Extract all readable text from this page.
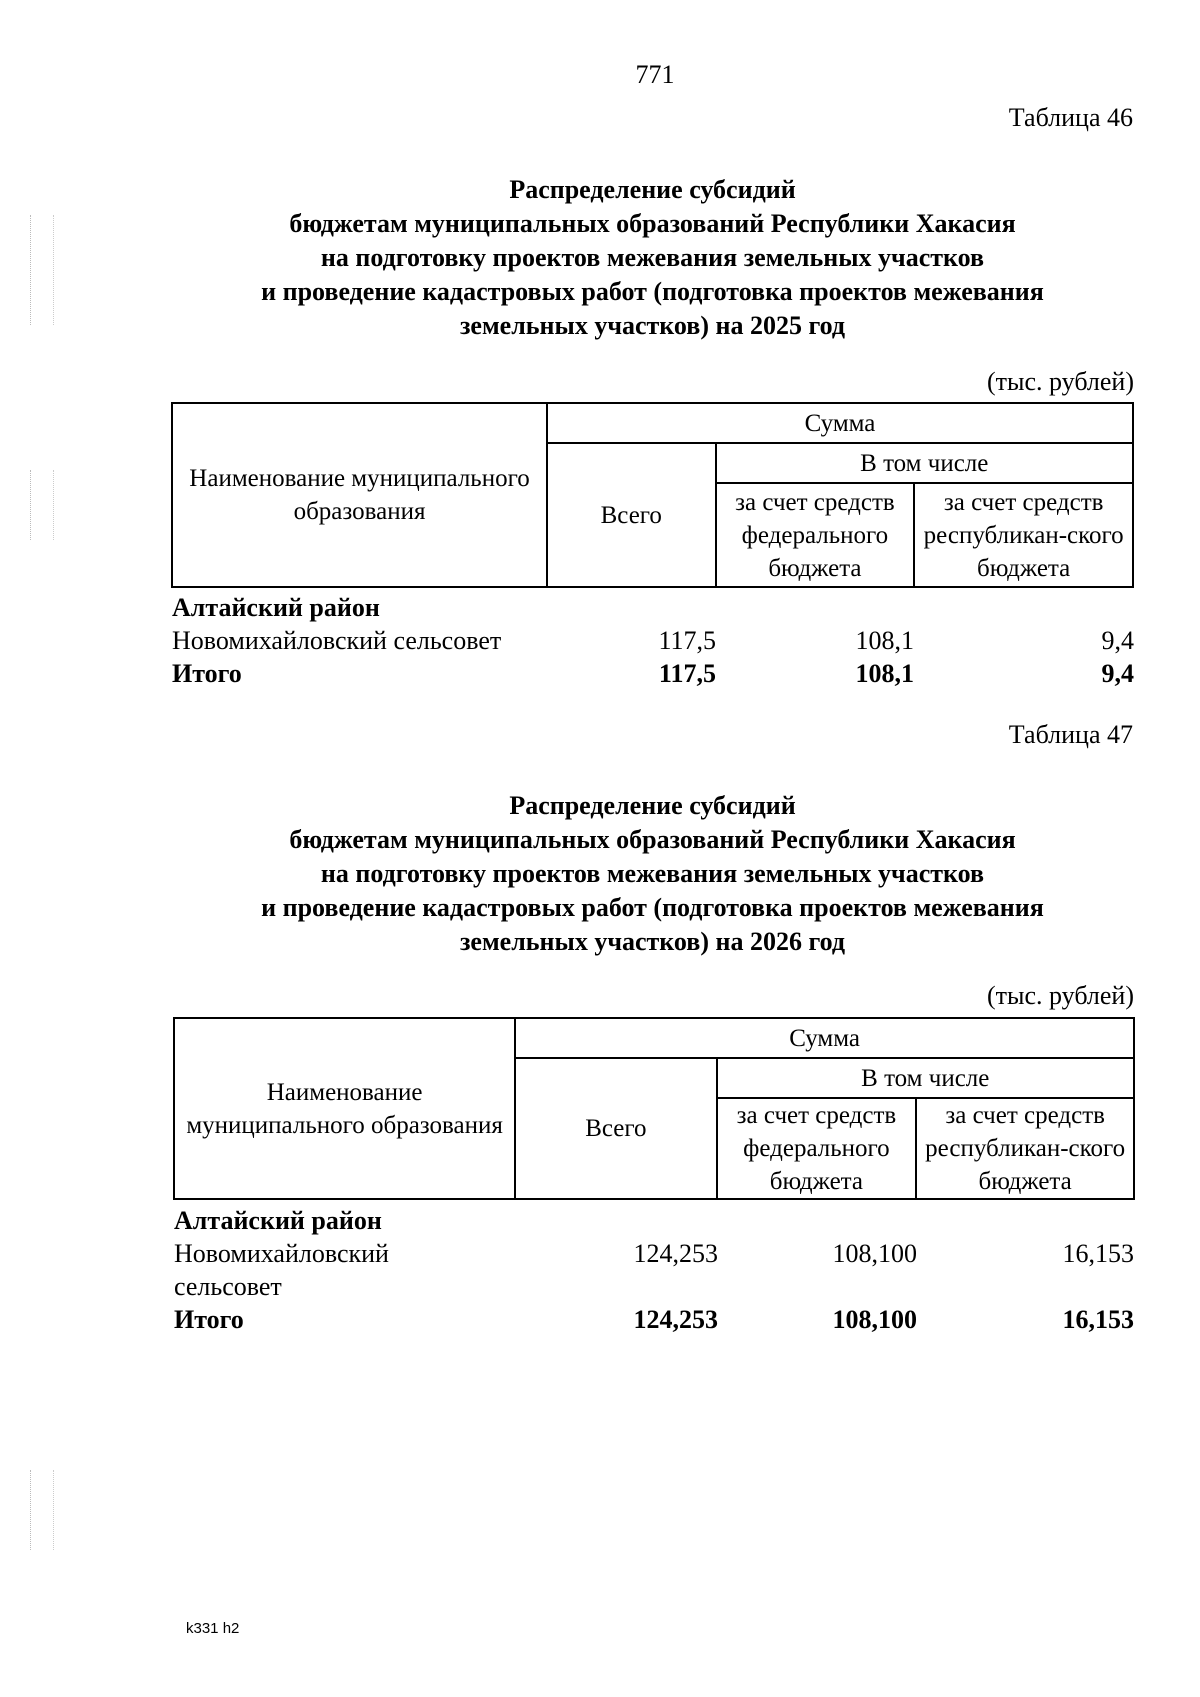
771
Таблица 46
Распределение субсидий
бюджетам муниципальных образований Республики Хакасия
на подготовку проектов межевания земельных участков
и проведение кадастровых работ (подготовка проектов межевания
земельных участков) на 2025 год
(тыс. рублей)
Наименование муниципального образования	Сумма		
	Всего	В том числе	
		за счет средств федерального бюджета	за счет средств республикан-ского бюджета
Алтайский район
Новомихайловский сельсовет	117,5	108,1	9,4
Итого	117,5	108,1	9,4
Таблица 47
Распределение субсидий
бюджетам муниципальных образований Республики Хакасия
на подготовку проектов межевания земельных участков
и проведение кадастровых работ (подготовка проектов межевания
земельных участков) на 2026 год
(тыс. рублей)
Наименование муниципального образования	Сумма		
	Всего	В том числе	
		за счет средств федерального бюджета	за счет средств республикан-ского бюджета
Алтайский район
Новомихайловский	124,253	108,100	16,153
сельсовет
Итого	124,253	108,100	16,153
k331 h2
